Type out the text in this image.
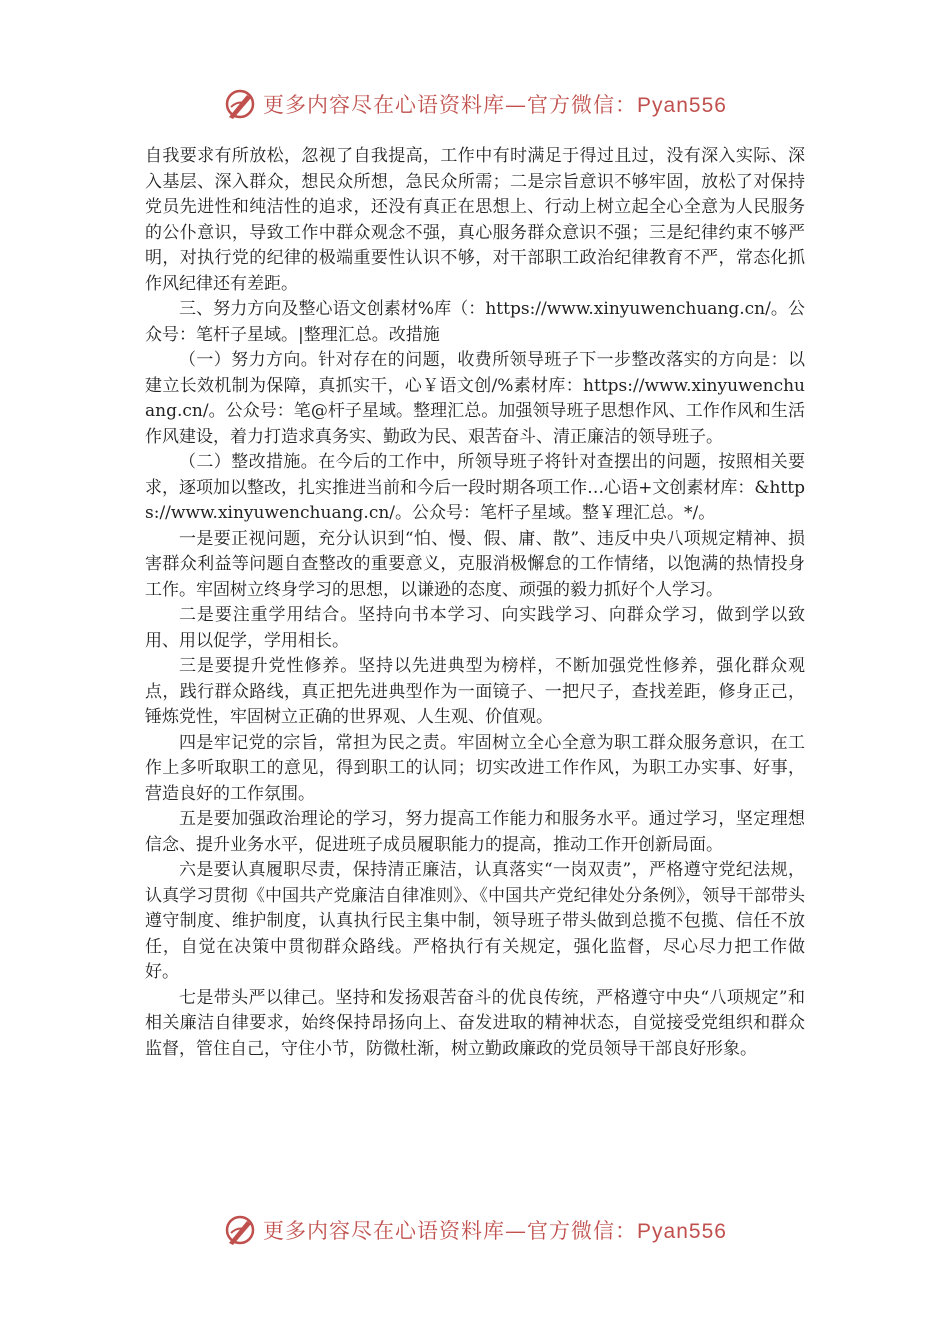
更多内容尽在心语资料库—官方微信：Pyan556

自我要求有所放松，忽视了自我提高，工作中有时满足于得过且过，没有深入实际、深入基层、深入群众，想民众所想，急民众所需；二是宗旨意识不够牢固，放松了对保持党员先进性和纯洁性的追求，还没有真正在思想上、行动上树立起全心全意为人民服务的公仆意识，导致工作中群众观念不强，真心服务群众意识不强；三是纪律约束不够严明，对执行党的纪律的极端重要性认识不够，对干部职工政治纪律教育不严，常态化抓作风纪律还有差距。

三、努力方向及整心语文创素材%库（：https://www.xinyuwenchuang.cn/。公众号：笔杆子星域。|整理汇总。改措施

（一）努力方向。针对存在的问题，收费所领导班子下一步整改落实的方向是：以建立长效机制为保障，真抓实干，心￥语文创/%素材库：https://www.xinyuwenchuang.cn/。公众号：笔@杆子星域。整理汇总。加强领导班子思想作风、工作作风和生活作风建设，着力打造求真务实、勤政为民、艰苦奋斗、清正廉洁的领导班子。

（二）整改措施。在今后的工作中，所领导班子将针对查摆出的问题，按照相关要求，逐项加以整改，扎实推进当前和今后一段时期各项工作…心语+文创素材库：&https://www.xinyuwenchuang.cn/。公众号：笔杆子星域。整￥理汇总。*/。

一是要正视问题，充分认识到“怕、慢、假、庸、散”、违反中央八项规定精神、损害群众利益等问题自查整改的重要意义，克服消极懈怠的工作情绪，以饱满的热情投身工作。牢固树立终身学习的思想，以谦逊的态度、顽强的毅力抓好个人学习。

二是要注重学用结合。坚持向书本学习、向实践学习、向群众学习，做到学以致用、用以促学，学用相长。

三是要提升党性修养。坚持以先进典型为榜样，不断加强党性修养，强化群众观点，践行群众路线，真正把先进典型作为一面镜子、一把尺子，查找差距，修身正己，锤炼党性，牢固树立正确的世界观、人生观、价值观。

四是牢记党的宗旨，常担为民之责。牢固树立全心全意为职工群众服务意识，在工作上多听取职工的意见，得到职工的认同；切实改进工作作风，为职工办实事、好事，营造良好的工作氛围。

五是要加强政治理论的学习，努力提高工作能力和服务水平。通过学习，坚定理想信念、提升业务水平，促进班子成员履职能力的提高，推动工作开创新局面。

六是要认真履职尽责，保持清正廉洁，认真落实“一岗双责”，严格遵守党纪法规，认真学习贯彻《中国共产党廉洁自律准则》、《中国共产党纪律处分条例》，领导干部带头遵守制度、维护制度，认真执行民主集中制，领导班子带头做到总揽不包揽、信任不放任，自觉在决策中贯彻群众路线。严格执行有关规定，强化监督，尽心尽力把工作做好。

七是带头严以律己。坚持和发扬艰苦奋斗的优良传统，严格遵守中央“八项规定”和相关廉洁自律要求，始终保持昂扬向上、奋发进取的精神状态，自觉接受党组织和群众监督，管住自己，守住小节，防微杜渐，树立勤政廉政的党员领导干部良好形象。

更多内容尽在心语资料库—官方微信：Pyan556
